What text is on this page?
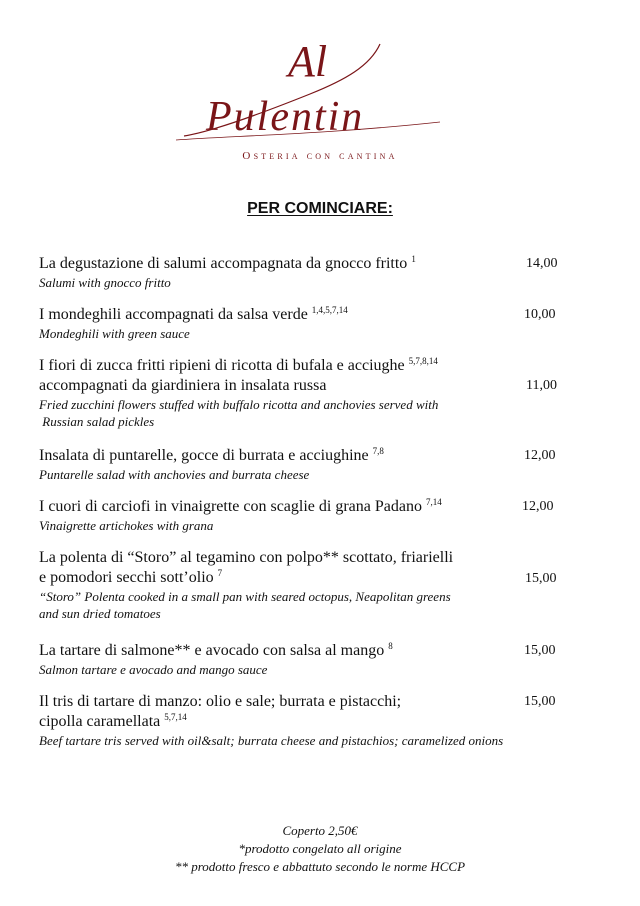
Al
Pulentin
Osteria con cantina
PER COMINCIARE:
La degustazione di salumi accompagnata da gnocco fritto $^1$
Salumi with gnocco fritto
14,00
I mondeghili accompagnati da salsa verde $^{1,4,5,7,14}$
Mondeghili with green sauce
10,00
I fiori di zucca fritti ripieni di ricotta di bufala e acciughe $^{5,7,8,14}$
accompagnati da giardiniera in insalata russa
Fried zucchini flowers stuffed with buffalo ricotta and anchovies served with
Russian salad pickles
11,00
Insalata di puntarelle, gocce di burrata e acciughine $^{7,8}$
Puntarelle salad with anchovies and burrata cheese
12,00
I cuori di carciofi in vinaigrette con scaglie di grana Padano $^{7,14}$
Vinaigrette artichokes with grana
12,00
La polenta di “Storo” al tegamino con polpo** scottato, friarielli
e pomodori secchi sott’olio $^7$
“Storo” Polenta cooked in a small pan with seared octopus, Neapolitan greens
and sun dried tomatoes
15,00
La tartare di salmone** e avocado con salsa al mango $^8$
Salmon tartare e avocado and mango sauce
15,00
Il tris di tartare di manzo: olio e sale; burrata e pistacchi;
cipolla caramellata $^{5,7,14}$
Beef tartare tris served with oil&salt; burrata cheese and pistachios; caramelized onions
15,00
Coperto 2,50€
*prodotto congelato all origine
** prodotto fresco e abbattuto secondo le norme HCCP
